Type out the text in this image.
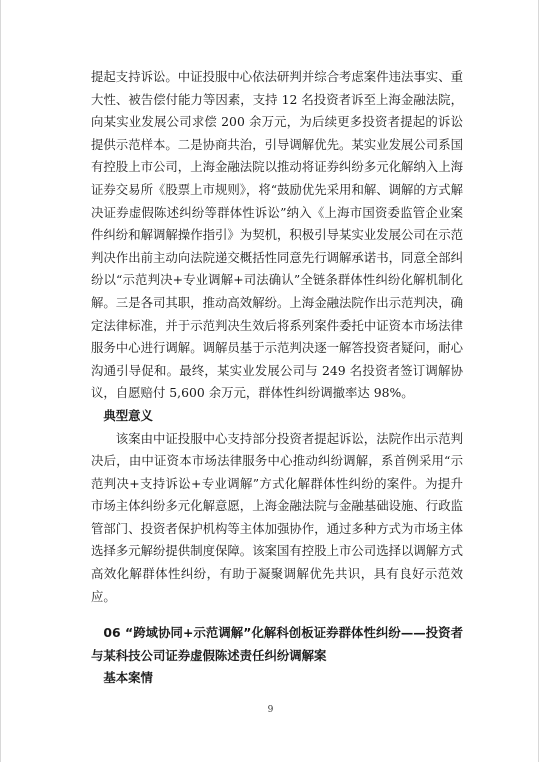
提起支持诉讼。中证投服中心依法研判并综合考虑案件违法事实、重大性、被告偿付能力等因素，支持 12 名投资者诉至上海金融法院，向某实业发展公司求偿 200 余万元，为后续更多投资者提起的诉讼提供示范样本。二是协商共治，引导调解优先。某实业发展公司系国有控股上市公司，上海金融法院以推动将证券纠纷多元化解纳入上海证券交易所《股票上市规则》，将“鼓励优先采用和解、调解的方式解决证券虚假陈述纠纷等群体性诉讼”纳入《上海市国资委监管企业案件纠纷和解调解操作指引》为契机，积极引导某实业发展公司在示范判决作出前主动向法院递交概括性同意先行调解承诺书，同意全部纠纷以“示范判决+专业调解+司法确认”全链条群体性纠纷化解机制化解。三是各司其职，推动高效解纷。上海金融法院作出示范判决，确定法律标准，并于示范判决生效后将系列案件委托中证资本市场法律服务中心进行调解。调解员基于示范判决逐一解答投资者疑问，耐心沟通引导促和。最终，某实业发展公司与 249 名投资者签订调解协议，自愿赔付 5,600 余万元，群体性纠纷调撤率达 98%。

典型意义

该案由中证投服中心支持部分投资者提起诉讼，法院作出示范判决后，由中证资本市场法律服务中心推动纠纷调解，系首例采用“示范判决+支持诉讼+专业调解”方式化解群体性纠纷的案件。为提升市场主体纠纷多元化解意愿，上海金融法院与金融基础设施、行政监管部门、投资者保护机构等主体加强协作，通过多种方式为市场主体选择多元解纷提供制度保障。该案国有控股上市公司选择以调解方式高效化解群体性纠纷，有助于凝聚调解优先共识，具有良好示范效应。

06 “跨域协同+示范调解”化解科创板证券群体性纠纷——投资者与某科技公司证券虚假陈述责任纠纷调解案

基本案情

9
